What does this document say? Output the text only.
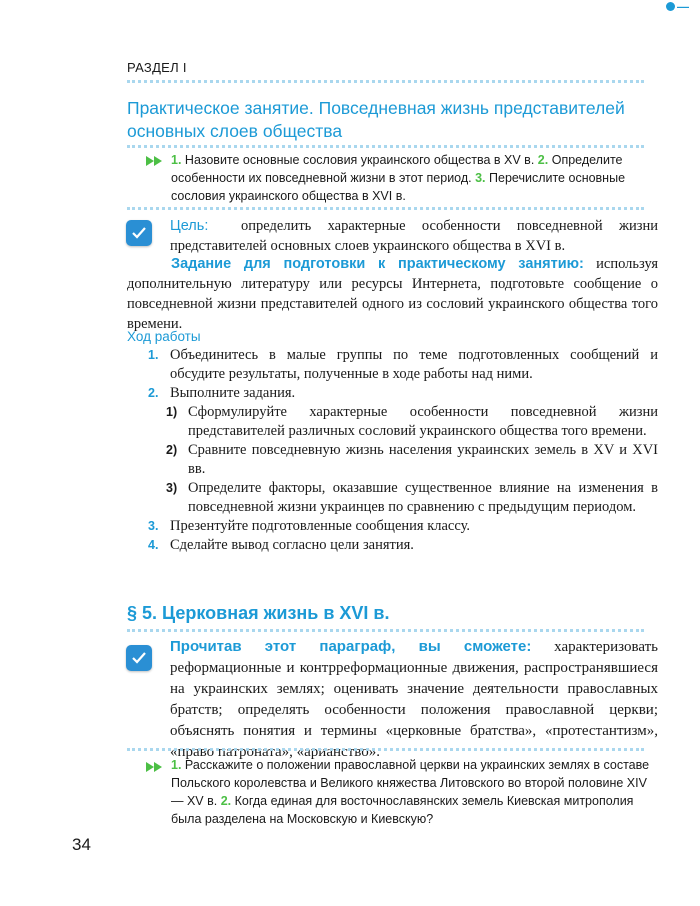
▬▬▬
РАЗДЕЛ I
Практическое занятие. Повседневная жизнь представителей основных слоев общества
1. Назовите основные сословия украинского общества в XV в. 2. Определите особенности их повседневной жизни в этот период. 3. Перечислите основные сословия украинского общества в XVI в.
Цель: определить характерные особенности повседневной жизни представителей основных слоев украинского общества в XVI в.
Задание для подготовки к практическому занятию: используя дополнительную литературу или ресурсы Интернета, подготовьте сообщение о повседневной жизни представителей одного из сословий украинского общества того времени.
Ход работы
1. Объединитесь в малые группы по теме подготовленных сообщений и обсудите результаты, полученные в ходе работы над ними.
2. Выполните задания.
1) Сформулируйте характерные особенности повседневной жизни представителей различных сословий украинского общества того времени.
2) Сравните повседневную жизнь населения украинских земель в XV и XVI вв.
3) Определите факторы, оказавшие существенное влияние на изменения в повседневной жизни украинцев по сравнению с предыдущим периодом.
3. Презентуйте подготовленные сообщения классу.
4. Сделайте вывод согласно цели занятия.
§ 5. Церковная жизнь в XVI в.
Прочитав этот параграф, вы сможете: характеризовать реформационные и контрреформационные движения, распространявшиеся на украинских землях; оценивать значение деятельности православных братств; определять особенности положения православной церкви; объяснять понятия и термины «церковные братства», «протестантизм», «право патроната», «арианство».
1. Расскажите о положении православной церкви на украинских землях в составе Польского королевства и Великого княжества Литовского во второй половине XIV — XV в. 2. Когда единая для восточнославянских земель Киевская митрополия была разделена на Московскую и Киевскую?
34
